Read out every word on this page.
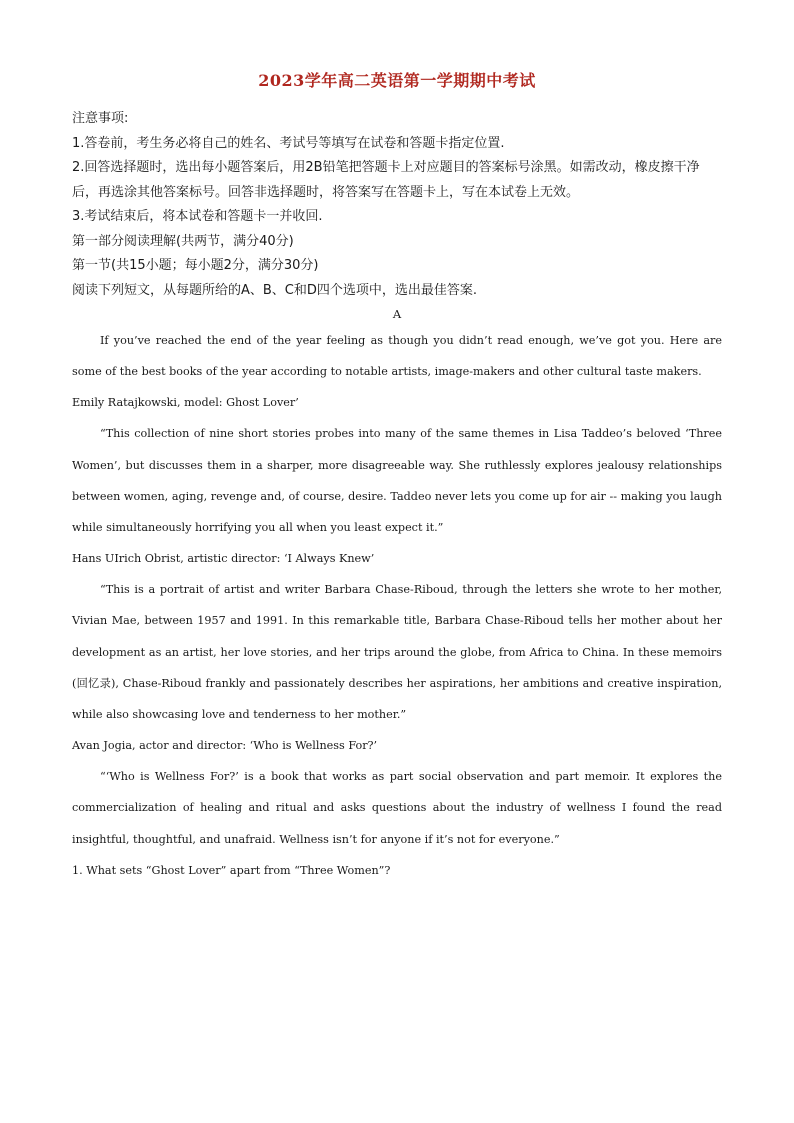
2023学年高二英语第一学期期中考试

注意事项:

1.答卷前，考生务必将自己的姓名、考试号等填写在试卷和答题卡指定位置.

2.回答选择题时，选出每小题答案后，用2B铅笔把答题卡上对应题目的答案标号涂黑。如需改动，橡皮擦干净后，再选涂其他答案标号。回答非选择题时，将答案写在答题卡上，写在本试卷上无效。

3.考试结束后，将本试卷和答题卡一并收回.

第一部分阅读理解(共两节，满分40分)

第一节(共15小题；每小题2分，满分30分)

阅读下列短文，从每题所给的A、B、C和D四个选项中，选出最佳答案.

A

If you’ve reached the end of the year feeling as though you didn’t read enough, we’ve got you. Here are some of the best books of the year according to notable artists, image-makers and other cultural taste makers.

Emily Ratajkowski, model: Ghost Lover’

“This collection of nine short stories probes into many of the same themes in Lisa Taddeo’s beloved ‘Three Women’, but discusses them in a sharper, more disagreeable way. She ruthlessly explores jealousy relationships between women, aging, revenge and, of course, desire. Taddeo never lets you come up for air -- making you laugh while simultaneously horrifying you all when you least expect it.”

Hans UIrich Obrist, artistic director: ‘I Always Knew’

“This is a portrait of artist and writer Barbara Chase-Riboud, through the letters she wrote to her mother, Vivian Mae, between 1957 and 1991. In this remarkable title, Barbara Chase-Riboud tells her mother about her development as an artist, her love stories, and her trips around the globe, from Africa to China. In these memoirs (回忆录), Chase-Riboud frankly and passionately describes her aspirations, her ambitions and creative inspiration, while also showcasing love and tenderness to her mother.”

Avan Jogia, actor and director: ‘Who is Wellness For?’

“‘Who is Wellness For?’ is a book that works as part social observation and part memoir. It explores the commercialization of healing and ritual and asks questions about the industry of wellness I found the read insightful, thoughtful, and unafraid. Wellness isn’t for anyone if it’s not for everyone.”

1. What sets “Ghost Lover” apart from “Three Women”?
